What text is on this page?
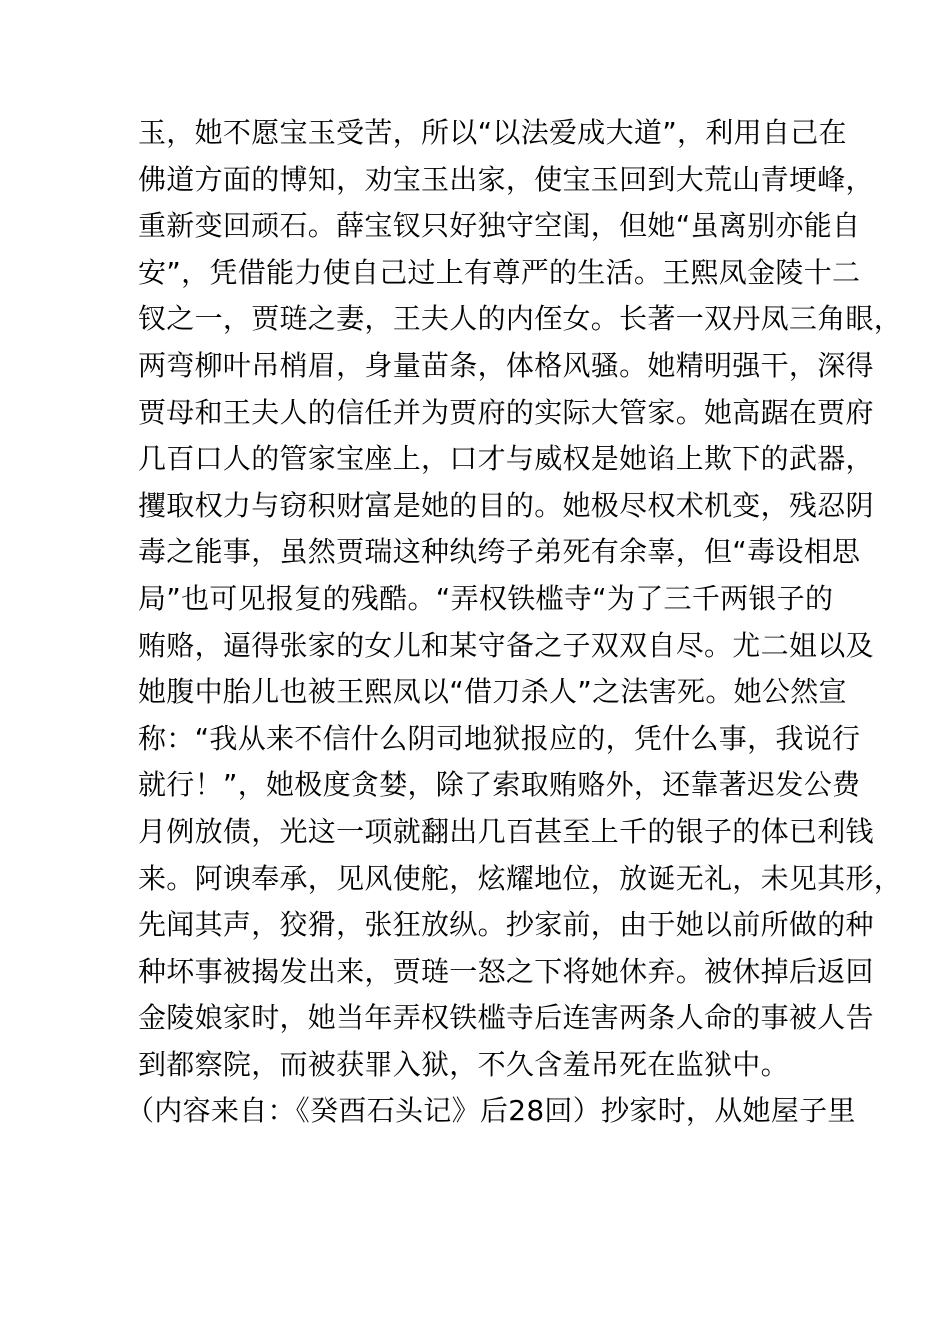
玉，她不愿宝玉受苦，所以“以法爱成大道”，利用自己在
佛道方面的博知，劝宝玉出家，使宝玉回到大荒山青埂峰，
重新变回顽石。薛宝钗只好独守空闺，但她“虽离别亦能自
安”，凭借能力使自己过上有尊严的生活。王熙凤金陵十二
钗之一，贾琏之妻，王夫人的内侄女。长著一双丹凤三角眼，
两弯柳叶吊梢眉，身量苗条，体格风骚。她精明强干，深得
贾母和王夫人的信任并为贾府的实际大管家。她高踞在贾府
几百口人的管家宝座上，口才与威权是她谄上欺下的武器，
攫取权力与窃积财富是她的目的。她极尽权术机变，残忍阴
毒之能事，虽然贾瑞这种纨绔子弟死有余辜，但“毒设相思
局”也可见报复的残酷。“弄权铁槛寺“为了三千两银子的
贿赂，逼得张家的女儿和某守备之子双双自尽。尤二姐以及
她腹中胎儿也被王熙凤以“借刀杀人”之法害死。她公然宣
称：“我从来不信什么阴司地狱报应的，凭什么事，我说行
就行！”，她极度贪婪，除了索取贿赂外，还靠著迟发公费
月例放债，光这一项就翻出几百甚至上千的银子的体已利钱
来。阿谀奉承，见风使舵，炫耀地位，放诞无礼，未见其形，
先闻其声，狡猾，张狂放纵。抄家前，由于她以前所做的种
种坏事被揭发出来，贾琏一怒之下将她休弃。被休掉后返回
金陵娘家时，她当年弄权铁槛寺后连害两条人命的事被人告
到都察院，而被获罪入狱，不久含羞吊死在监狱中。
（内容来自：《癸酉石头记》后28回）抄家时，从她屋子里
